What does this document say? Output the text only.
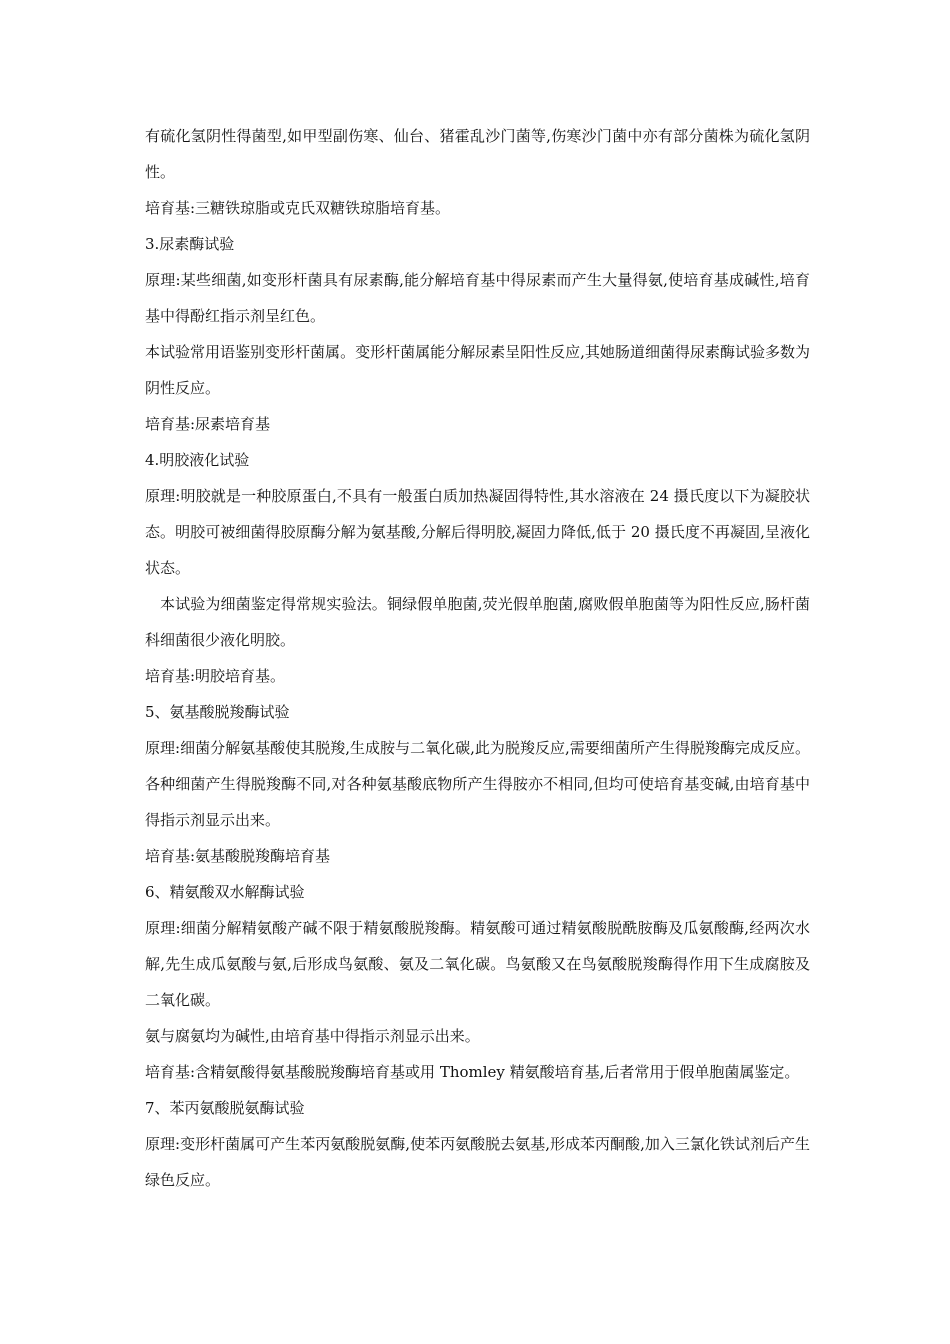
有硫化氢阴性得菌型,如甲型副伤寒、仙台、猪霍乱沙门菌等,伤寒沙门菌中亦有部分菌株为硫化氢阴性。

培育基:三糖铁琼脂或克氏双糖铁琼脂培育基。

3.尿素酶试验

原理:某些细菌,如变形杆菌具有尿素酶,能分解培育基中得尿素而产生大量得氨,使培育基成碱性,培育基中得酚红指示剂呈红色。

本试验常用语鉴别变形杆菌属。变形杆菌属能分解尿素呈阳性反应,其她肠道细菌得尿素酶试验多数为阴性反应。

培育基:尿素培育基

4.明胶液化试验

原理:明胶就是一种胶原蛋白,不具有一般蛋白质加热凝固得特性,其水溶液在 24 摄氏度以下为凝胶状态。明胶可被细菌得胶原酶分解为氨基酸,分解后得明胶,凝固力降低,低于 20 摄氏度不再凝固,呈液化状态。

本试验为细菌鉴定得常规实验法。铜绿假单胞菌,荧光假单胞菌,腐败假单胞菌等为阳性反应,肠杆菌科细菌很少液化明胶。

培育基:明胶培育基。

5、氨基酸脱羧酶试验

原理:细菌分解氨基酸使其脱羧,生成胺与二氧化碳,此为脱羧反应,需要细菌所产生得脱羧酶完成反应。各种细菌产生得脱羧酶不同,对各种氨基酸底物所产生得胺亦不相同,但均可使培育基变碱,由培育基中得指示剂显示出来。

培育基:氨基酸脱羧酶培育基

6、精氨酸双水解酶试验

原理:细菌分解精氨酸产碱不限于精氨酸脱羧酶。精氨酸可通过精氨酸脱酰胺酶及瓜氨酸酶,经两次水解,先生成瓜氨酸与氨,后形成鸟氨酸、氨及二氧化碳。鸟氨酸又在鸟氨酸脱羧酶得作用下生成腐胺及二氧化碳。

氨与腐氨均为碱性,由培育基中得指示剂显示出来。

培育基:含精氨酸得氨基酸脱羧酶培育基或用 Thomley 精氨酸培育基,后者常用于假单胞菌属鉴定。

7、苯丙氨酸脱氨酶试验

原理:变形杆菌属可产生苯丙氨酸脱氨酶,使苯丙氨酸脱去氨基,形成苯丙酮酸,加入三氯化铁试剂后产生绿色反应。
